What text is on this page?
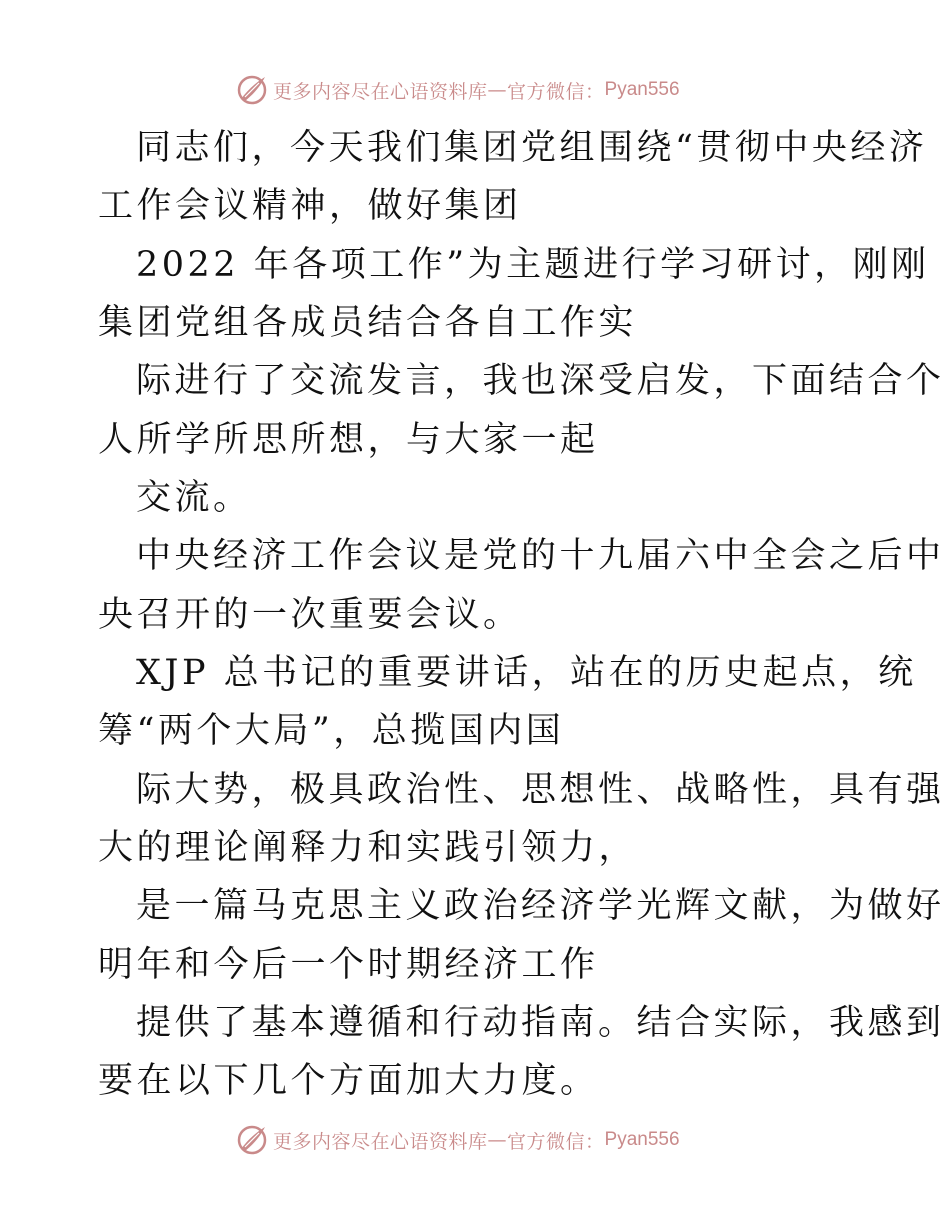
更多内容尽在心语资料库 — 官方微信： Pyan556
同志们，今天我们集团党组围绕“贯彻中央经济
工作会议精神，做好集团
2022 年各项工作”为主题进行学习研讨，刚刚
集团党组各成员结合各自工作实
际进行了交流发言，我也深受启发，下面结合个
人所学所思所想，与大家一起
交流。
中央经济工作会议是党的十九届六中全会之后中
央召开的一次重要会议。
XJP 总书记的重要讲话，站在的历史起点，统
筹“两个大局”，总揽国内国
际大势，极具政治性、思想性、战略性，具有强
大的理论阐释力和实践引领力，
是一篇马克思主义政治经济学光辉文献，为做好
明年和今后一个时期经济工作
提供了基本遵循和行动指南。结合实际，我感到
要在以下几个方面加大力度。
更多内容尽在心语资料库 — 官方微信： Pyan556
